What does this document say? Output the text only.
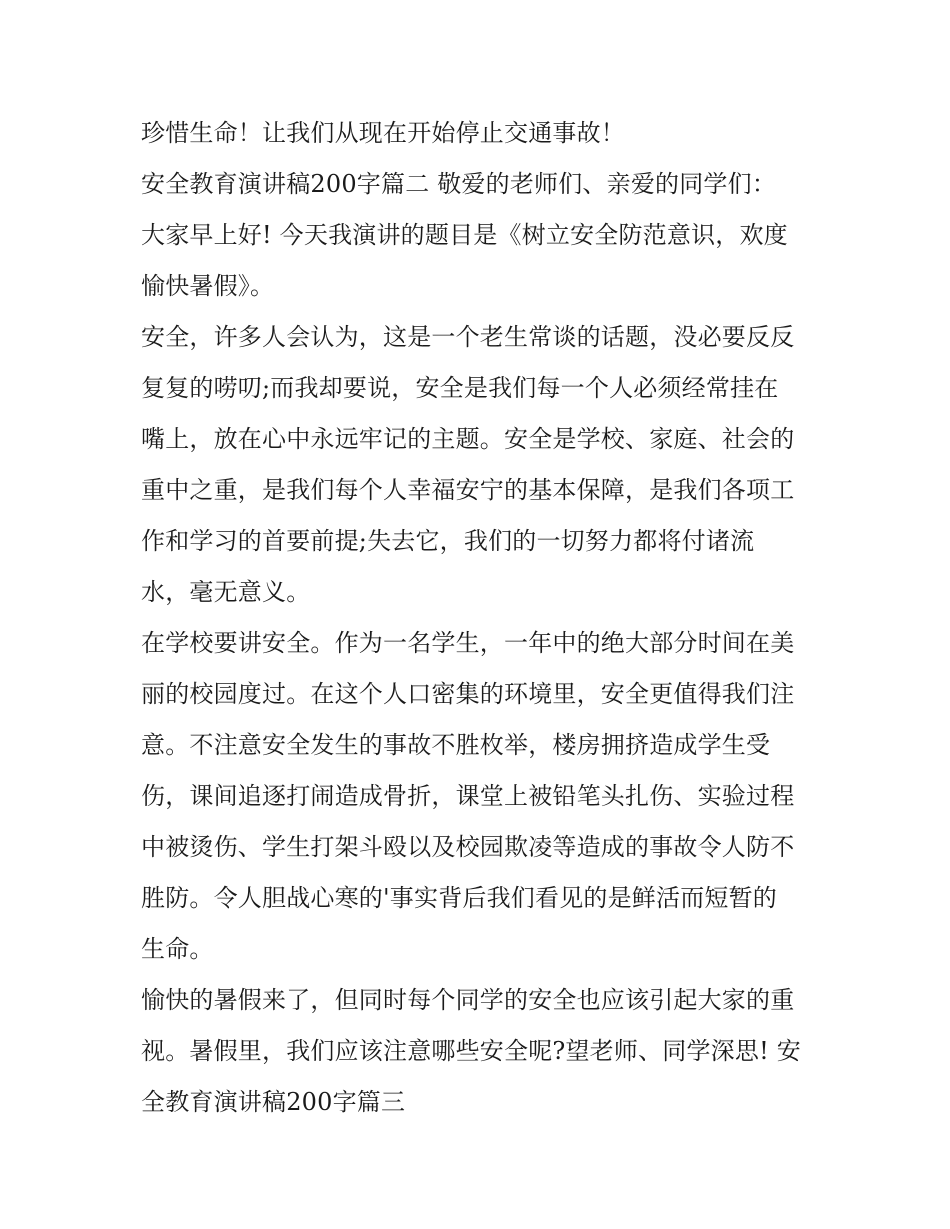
珍惜生命！让我们从现在开始停止交通事故！
安全教育演讲稿200字篇二 敬爱的老师们、亲爱的同学们：
大家早上好! 今天我演讲的题目是《树立安全防范意识，欢度
愉快暑假》。
安全，许多人会认为，这是一个老生常谈的话题，没必要反反
复复的唠叨;而我却要说，安全是我们每一个人必须经常挂在
嘴上，放在心中永远牢记的主题。安全是学校、家庭、社会的
重中之重，是我们每个人幸福安宁的基本保障，是我们各项工
作和学习的首要前提;失去它，我们的一切努力都将付诸流
水，毫无意义。
在学校要讲安全。作为一名学生，一年中的绝大部分时间在美
丽的校园度过。在这个人口密集的环境里，安全更值得我们注
意。不注意安全发生的事故不胜枚举，楼房拥挤造成学生受
伤，课间追逐打闹造成骨折，课堂上被铅笔头扎伤、实验过程
中被烫伤、学生打架斗殴以及校园欺凌等造成的事故令人防不
胜防。令人胆战心寒的'事实背后我们看见的是鲜活而短暂的
生命。
愉快的暑假来了，但同时每个同学的安全也应该引起大家的重
视。暑假里，我们应该注意哪些安全呢?望老师、同学深思! 安
全教育演讲稿200字篇三
